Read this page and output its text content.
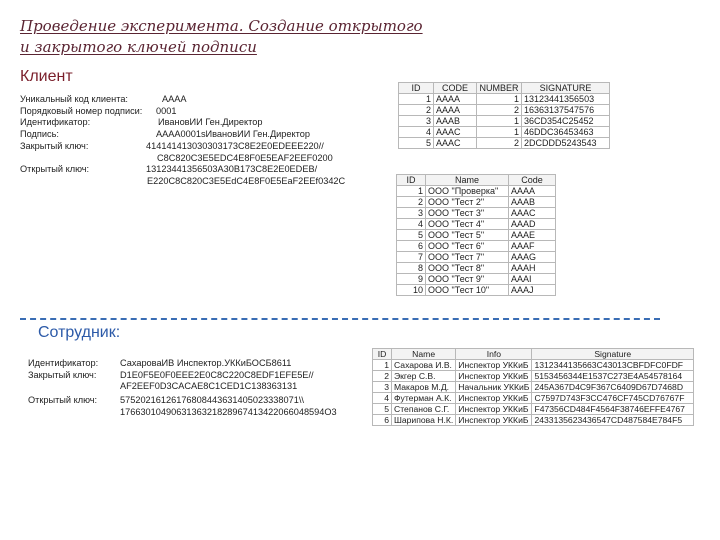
Проведение эксперимента. Создание открытого
и закрытого ключей подписи
Клиент
Уникальный код клиента:	AAAA
Порядковый номер подписи: 0001
Идентификатор:	ИвановИИ Ген.Директор
Подпись:	AAAA0001sИвановИИ Ген.Директор
Закрытый ключ:	414141413030303173C8E2E0EDEEE220//
C8C820C3E5EDC4E8F0E5EAF2EEF0200
Открытый ключ:	13123441356503A30B173C8E2E0EDEB/
E220C8C820C3E5EdC4E8F0E5EaF2EEf0342C
ID	CODE	NUMBER	SIGNATURE
1	AAAA	1	13123441356503
2	AAAA	2	16363137547576
3	AAAB	1	36CD354C25452
4	AAAC	1	46DDC36453463
5	AAAC	2	2DCDDD5243543
ID	Name	Code
1	ООО "Проверка"	AAAA
2	ООО "Тест 2"	AAAB
3	ООО "Тест 3"	AAAC
4	ООО "Тест 4"	AAAD
5	ООО "Тест 5"	AAAE
6	ООО "Тест 6"	AAAF
7	ООО "Тест 7"	AAAG
8	ООО "Тест 8"	AAAH
9	ООО "Тест 9"	AAAI
10	ООО "Тест 10"	AAAJ
Сотрудник:
Идентификатор: СахароваИВ Инспектор.УККиБОСБ8611
Закрытый ключ:	D1E0F5E0F0EEE2E0C8C220C8EDF1EFE5E//
AF2EEF0D3CACAE8C1CED1C138363131
Открытый ключ: 57520216126176808443631405023338071\\
1766301049063136321828967413422066048594O3
ID	Name	Info	Signature
1	Сахарова И.В.	Инспектор УККиБ	1312344135663C43013CBFDFC0FDF
2	Экгер С.В.	Инспектор УККиБ	5153456344E1537C273E4A54578164
3	Макаров М.Д.	Начальник УККиБ	245A367D4C9F367C6409D67D7468D
4	Футерман А.К.	Инспектор УККиБ	C7597D743F3CC476CF745CD76767F
5	Степанов С.Г.	Инспектор УККиБ	F47356CD484F4564F38746EFFE4767
6	Шарипова Н.К.	Инспектор УККиБ	2433135623436547CD487584E784F5
